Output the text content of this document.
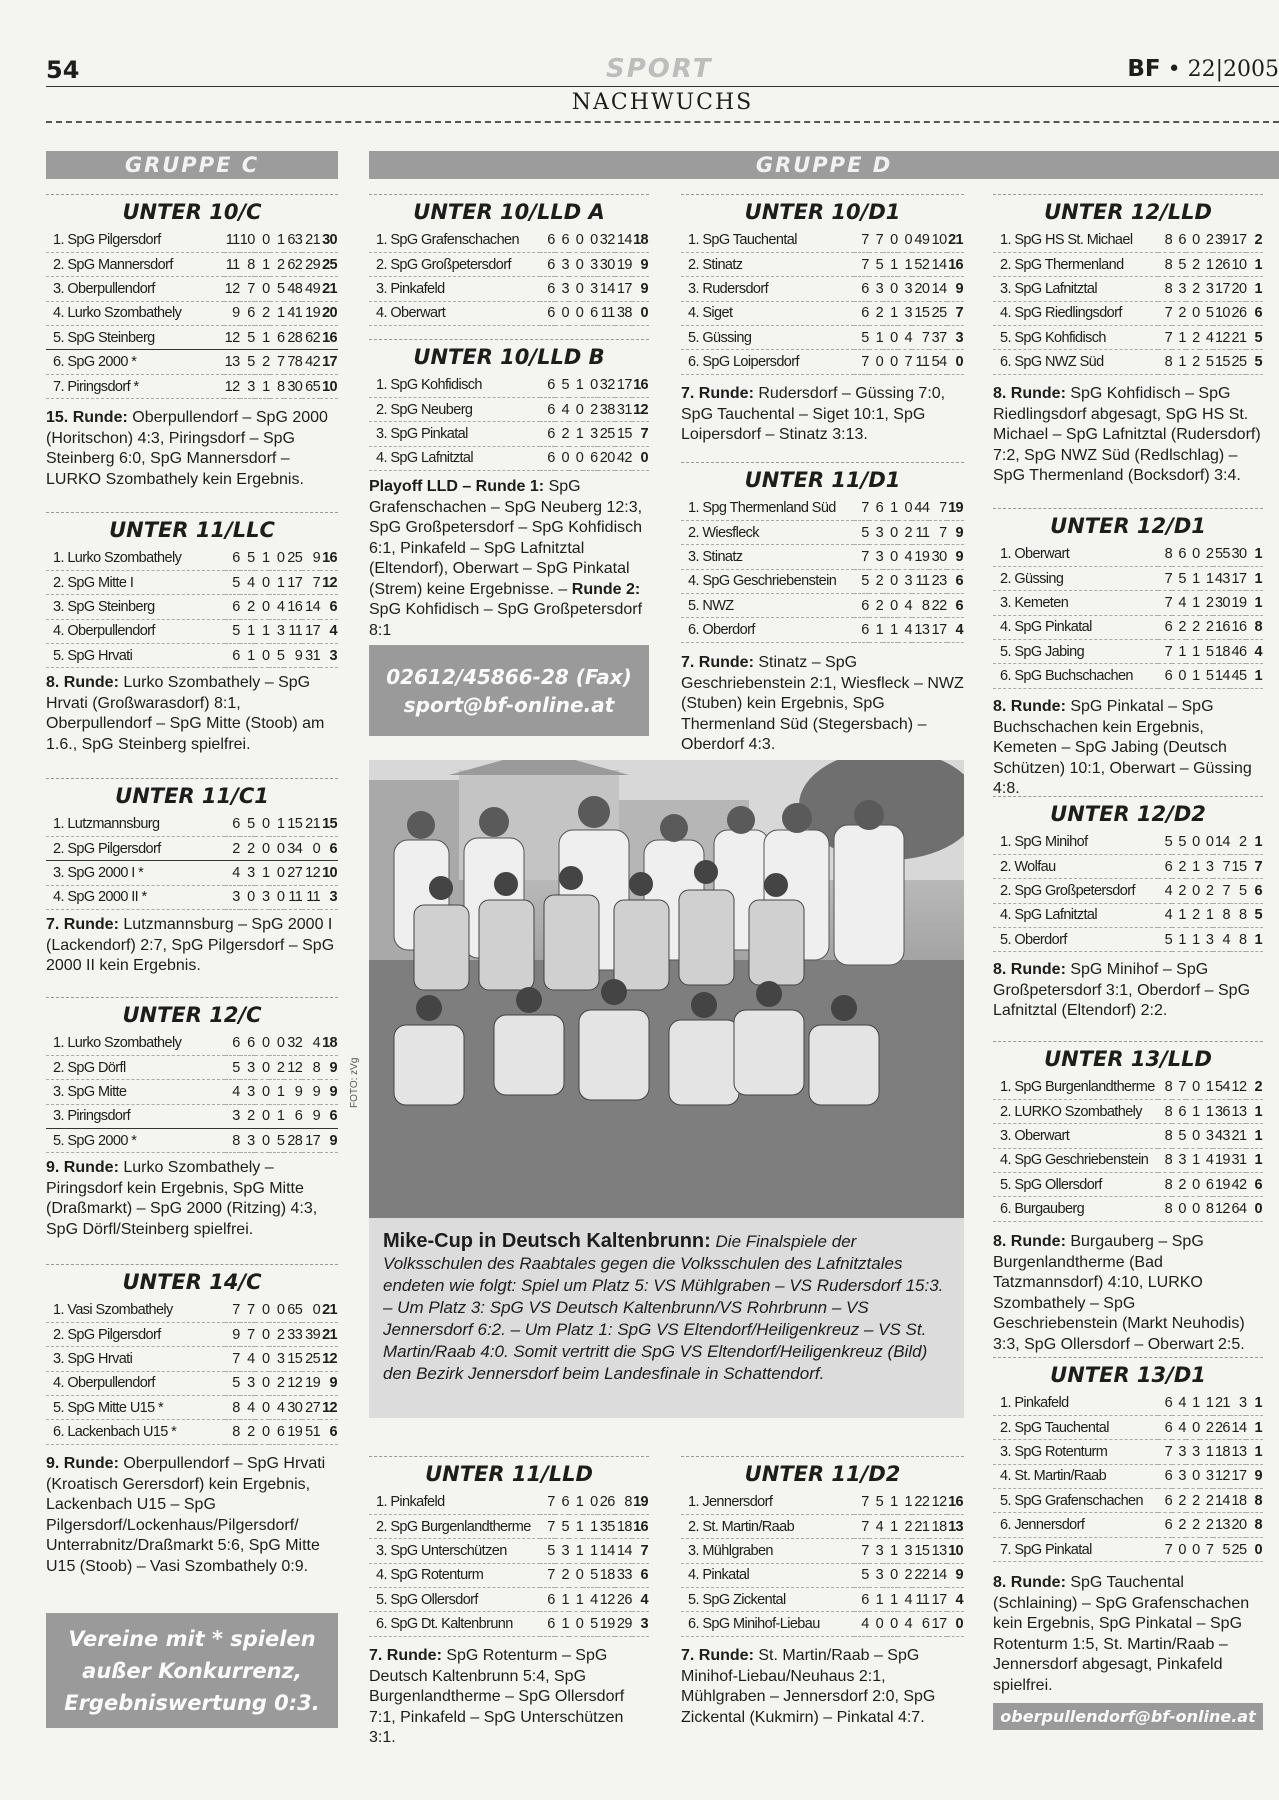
54	SPORT	BF • 22|2005
NACHWUCHS
GRUPPE C	GRUPPE D
UNTER 10/C
1. SpG Pilgersdorf	11	10	0	1	63	21	30
2. SpG Mannersdorf	11	8	1	2	62	29	25
3. Oberpullendorf	12	7	0	5	48	49	21
4. Lurko Szombathely	9	6	2	1	41	19	20
5. SpG Steinberg	12	5	1	6	28	62	16
6. SpG 2000 *	13	5	2	7	78	42	17
7. Piringsdorf *	12	3	1	8	30	65	10
15. Runde: Oberpullendorf – SpG 2000 (Horitschon) 4:3, Piringsdorf – SpG Steinberg 6:0, SpG Mannersdorf – LURKO Szombathely kein Ergebnis.
UNTER 11/LLC
1. Lurko Szombathely	6	5	1	0	25	9	16
2. SpG Mitte I	5	4	0	1	17	7	12
3. SpG Steinberg	6	2	0	4	16	14	6
4. Oberpullendorf	5	1	1	3	11	17	4
5. SpG Hrvati	6	1	0	5	9	31	3
8. Runde: Lurko Szombathely – SpG Hrvati (Großwarasdorf) 8:1, Oberpullendorf – SpG Mitte (Stoob) am 1.6., SpG Steinberg spielfrei.
UNTER 11/C1
1. Lutzmannsburg	6	5	0	1	15	21	15
2. SpG Pilgersdorf	2	2	0	0	34	0	6
3. SpG 2000 I *	4	3	1	0	27	12	10
4. SpG 2000 II *	3	0	3	0	11	11	3
7. Runde: Lutzmannsburg – SpG 2000 I (Lackendorf) 2:7, SpG Pilgersdorf – SpG 2000 II kein Ergebnis.
UNTER 12/C
1. Lurko Szombathely	6	6	0	0	32	4	18
2. SpG Dörfl	5	3	0	2	12	8	9
3. SpG Mitte	4	3	0	1	9	9	9
3. Piringsdorf	3	2	0	1	6	9	6
5. SpG 2000 *	8	3	0	5	28	17	9
9. Runde: Lurko Szombathely – Piringsdorf kein Ergebnis, SpG Mitte (Draßmarkt) – SpG 2000 (Ritzing) 4:3, SpG Dörfl/Steinberg spielfrei.
UNTER 14/C
1. Vasi Szombathely	7	7	0	0	65	0	21
2. SpG Pilgersdorf	9	7	0	2	33	39	21
3. SpG Hrvati	7	4	0	3	15	25	12
4. Oberpullendorf	5	3	0	2	12	19	9
5. SpG Mitte U15 *	8	4	0	4	30	27	12
6. Lackenbach U15 *	8	2	0	6	19	51	6
9. Runde: Oberpullendorf – SpG Hrvati (Kroatisch Gerersdorf) kein Ergebnis, Lackenbach U15 – SpG Pilgersdorf/Lockenhaus/Pilgersdorf/ Unterrabnitz/Draßmarkt 5:6, SpG Mitte U15 (Stoob) – Vasi Szombathely 0:9.
Vereine mit * spielen
außer Konkurrenz,
Ergebniswertung 0:3.
UNTER 10/LLD A
1. SpG Grafenschachen	6	6	0	0	32	14	18
2. SpG Großpetersdorf	6	3	0	3	30	19	9
3. Pinkafeld	6	3	0	3	14	17	9
4. Oberwart	6	0	0	6	11	38	0
UNTER 10/LLD B
1. SpG Kohfidisch	6	5	1	0	32	17	16
2. SpG Neuberg	6	4	0	2	38	31	12
3. SpG Pinkatal	6	2	1	3	25	15	7
4. SpG Lafnitztal	6	0	0	6	20	42	0
Playoff LLD – Runde 1: SpG Grafenschachen – SpG Neuberg 12:3, SpG Großpetersdorf – SpG Kohfidisch 6:1, Pinkafeld – SpG Lafnitztal (Eltendorf), Oberwart – SpG Pinkatal (Strem) keine Ergebnisse. – Runde 2: SpG Kohfidisch – SpG Großpetersdorf 8:1
02612/45866-28 (Fax)
sport@bf-online.at
UNTER 10/D1
1. SpG Tauchental	7	7	0	0	49	10	21
2. Stinatz	7	5	1	1	52	14	16
3. Rudersdorf	6	3	0	3	20	14	9
4. Siget	6	2	1	3	15	25	7
5. Güssing	5	1	0	4	7	37	3
6. SpG Loipersdorf	7	0	0	7	11	54	0
7. Runde: Rudersdorf – Güssing 7:0, SpG Tauchental – Siget 10:1, SpG Loipersdorf – Stinatz 3:13.
UNTER 11/D1
1. Spg Thermenland Süd	7	6	1	0	44	7	19
2. Wiesfleck	5	3	0	2	11	7	9
3. Stinatz	7	3	0	4	19	30	9
4. SpG Geschriebenstein	5	2	0	3	11	23	6
5. NWZ	6	2	0	4	8	22	6
6. Oberdorf	6	1	1	4	13	17	4
7. Runde: Stinatz – SpG Geschriebenstein 2:1, Wiesfleck – NWZ (Stuben) kein Ergebnis, SpG Thermenland Süd (Stegersbach) – Oberdorf 4:3.
FOTO: zVg
Mike-Cup in Deutsch Kaltenbrunn: Die Finalspiele der Volksschulen des Raabtales gegen die Volksschulen des Lafnitztales endeten wie folgt: Spiel um Platz 5: VS Mühlgraben – VS Rudersdorf 15:3. – Um Platz 3: SpG VS Deutsch Kaltenbrunn/VS Rohrbrunn – VS Jennersdorf 6:2. – Um Platz 1: SpG VS Eltendorf/Heiligenkreuz – VS St. Martin/Raab 4:0. Somit vertritt die SpG VS Eltendorf/Heiligenkreuz (Bild) den Bezirk Jennersdorf beim Landesfinale in Schattendorf.
UNTER 11/LLD
1. Pinkafeld	7	6	1	0	26	8	19
2. SpG Burgenlandtherme	7	5	1	1	35	18	16
3. SpG Unterschützen	5	3	1	1	14	14	7
4. SpG Rotenturm	7	2	0	5	18	33	6
5. SpG Ollersdorf	6	1	1	4	12	26	4
6. SpG Dt. Kaltenbrunn	6	1	0	5	19	29	3
7. Runde: SpG Rotenturm – SpG Deutsch Kaltenbrunn 5:4, SpG Burgenlandtherme – SpG Ollersdorf 7:1, Pinkafeld – SpG Unterschützen 3:1.
UNTER 11/D2
1. Jennersdorf	7	5	1	1	22	12	16
2. St. Martin/Raab	7	4	1	2	21	18	13
3. Mühlgraben	7	3	1	3	15	13	10
4. Pinkatal	5	3	0	2	22	14	9
5. SpG Zickental	6	1	1	4	11	17	4
6. SpG Minihof-Liebau	4	0	0	4	6	17	0
7. Runde: St. Martin/Raab – SpG Minihof-Liebau/Neuhaus 2:1, Mühlgraben – Jennersdorf 2:0, SpG Zickental (Kukmirn) – Pinkatal 4:7.
UNTER 12/LLD
1. SpG HS St. Michael	8	6	0	2	39	17	2
2. SpG Thermenland	8	5	2	1	26	10	1
3. SpG Lafnitztal	8	3	2	3	17	20	1
4. SpG Riedlingsdorf	7	2	0	5	10	26	6
5. SpG Kohfidisch	7	1	2	4	12	21	5
6. SpG NWZ Süd	8	1	2	5	15	25	5
8. Runde: SpG Kohfidisch – SpG Riedlingsdorf abgesagt, SpG HS St. Michael – SpG Lafnitztal (Rudersdorf) 7:2, SpG NWZ Süd (Redlschlag) – SpG Thermenland (Bocksdorf) 3:4.
UNTER 12/D1
1. Oberwart	8	6	0	2	55	30	1
2. Güssing	7	5	1	1	43	17	1
3. Kemeten	7	4	1	2	30	19	1
4. SpG Pinkatal	6	2	2	2	16	16	8
5. SpG Jabing	7	1	1	5	18	46	4
6. SpG Buchschachen	6	0	1	5	14	45	1
8. Runde: SpG Pinkatal – SpG Buchschachen kein Ergebnis, Kemeten – SpG Jabing (Deutsch Schützen) 10:1, Oberwart – Güssing 4:8.
UNTER 12/D2
1. SpG Minihof	5	5	0	0	14	2	1
2. Wolfau	6	2	1	3	7	15	7
2. SpG Großpetersdorf	4	2	0	2	7	5	6
4. SpG Lafnitztal	4	1	2	1	8	8	5
5. Oberdorf	5	1	1	3	4	8	1
8. Runde: SpG Minihof – SpG Großpetersdorf 3:1, Oberdorf – SpG Lafnitztal (Eltendorf) 2:2.
UNTER 13/LLD
1. SpG Burgenlandtherme	8	7	0	1	54	12	2
2. LURKO Szombathely	8	6	1	1	36	13	1
3. Oberwart	8	5	0	3	43	21	1
4. SpG Geschriebenstein	8	3	1	4	19	31	1
5. SpG Ollersdorf	8	2	0	6	19	42	6
6. Burgauberg	8	0	0	8	12	64	0
8. Runde: Burgauberg – SpG Burgenlandtherme (Bad Tatzmannsdorf) 4:10, LURKO Szombathely – SpG Geschriebenstein (Markt Neuhodis) 3:3, SpG Ollersdorf – Oberwart 2:5.
UNTER 13/D1
1. Pinkafeld	6	4	1	1	21	3	1
2. SpG Tauchental	6	4	0	2	26	14	1
3. SpG Rotenturm	7	3	3	1	18	13	1
4. St. Martin/Raab	6	3	0	3	12	17	9
5. SpG Grafenschachen	6	2	2	2	14	18	8
6. Jennersdorf	6	2	2	2	13	20	8
7. SpG Pinkatal	7	0	0	7	5	25	0
8. Runde: SpG Tauchental (Schlaining) – SpG Grafenschachen kein Ergebnis, SpG Pinkatal – SpG Rotenturm 1:5, St. Martin/Raab – Jennersdorf abgesagt, Pinkafeld spielfrei.
oberpullendorf@bf-online.at
